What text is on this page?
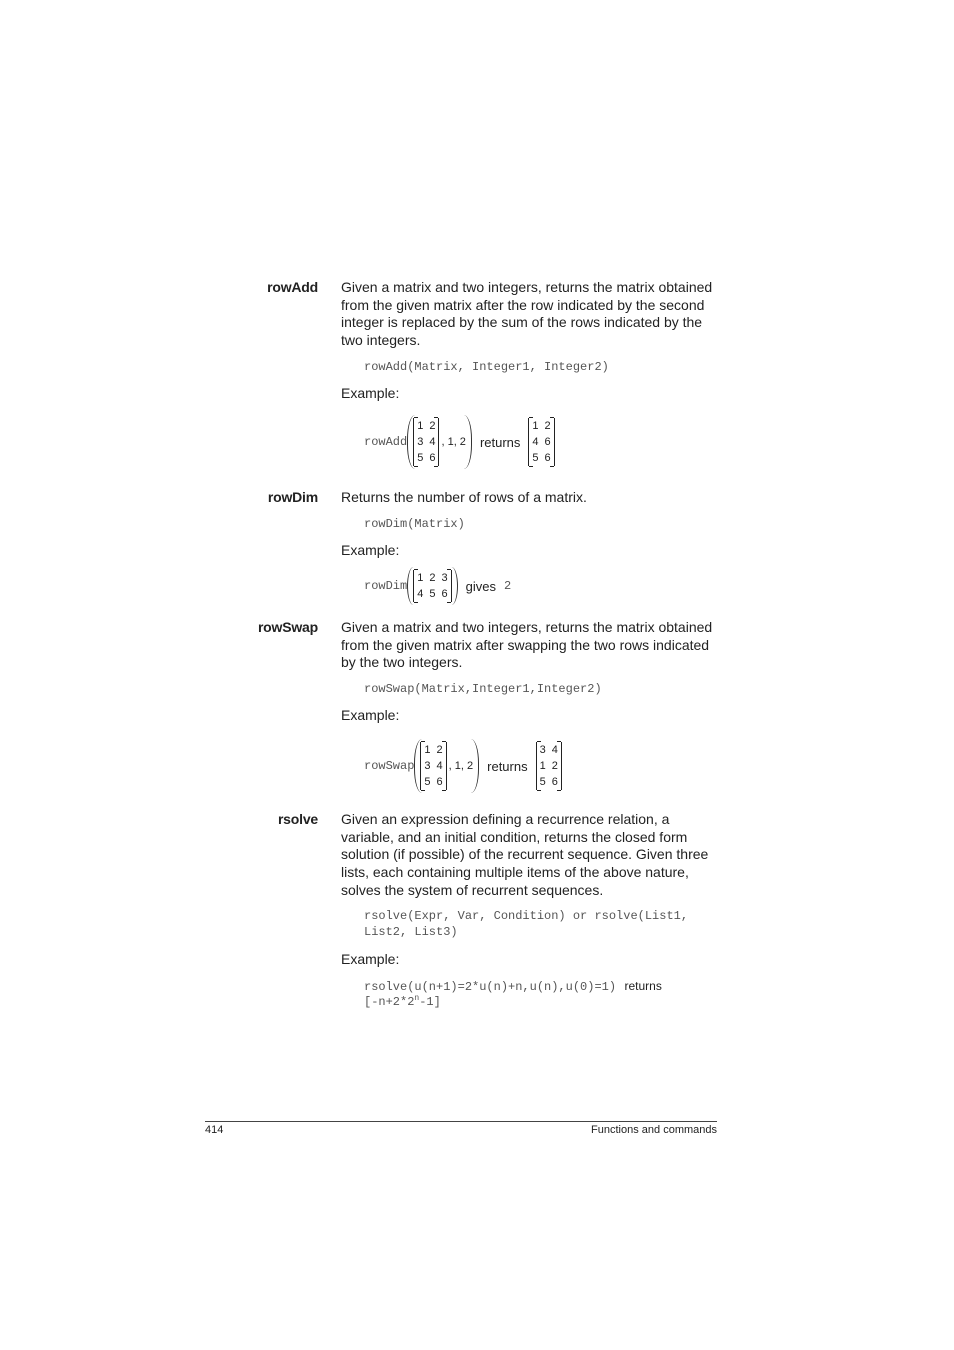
rowAdd Given a matrix and two integers, returns the matrix obtained from the given matrix after the row indicated by the second integer is replaced by the sum of the rows indicated by the two integers.

rowAdd(Matrix, Integer1, Integer2)
Example:
rowAdd
1 2
3 4
5 6
, 1, 2 returns
1 2
4 6
5 6
rowDim Returns the number of rows of a matrix.

rowDim(Matrix)
Example:
rowDim
1 2 3
4 5 6
gives 2
rowSwap Given a matrix and two integers, returns the matrix obtained from the given matrix after swapping the two rows indicated by the two integers.

rowSwap(Matrix,Integer1,Integer2)
Example:
rowSwap
1 2
3 4
5 6
, 1, 2 returns
3 4
1 2
5 6
rsolve Given an expression defining a recurrence relation, a variable, and an initial condition, returns the closed form solution (if possible) of the recurrent sequence. Given three lists, each containing multiple items of the above nature, solves the system of recurrent sequences.

rsolve(Expr, Var, Condition) or rsolve(List1,
List2, List3)
Example:
rsolve(u(n+1)=2*u(n)+n,u(n),u(0)=1) returns
$[-n+2*2^n-1]$
414	Functions and commands
